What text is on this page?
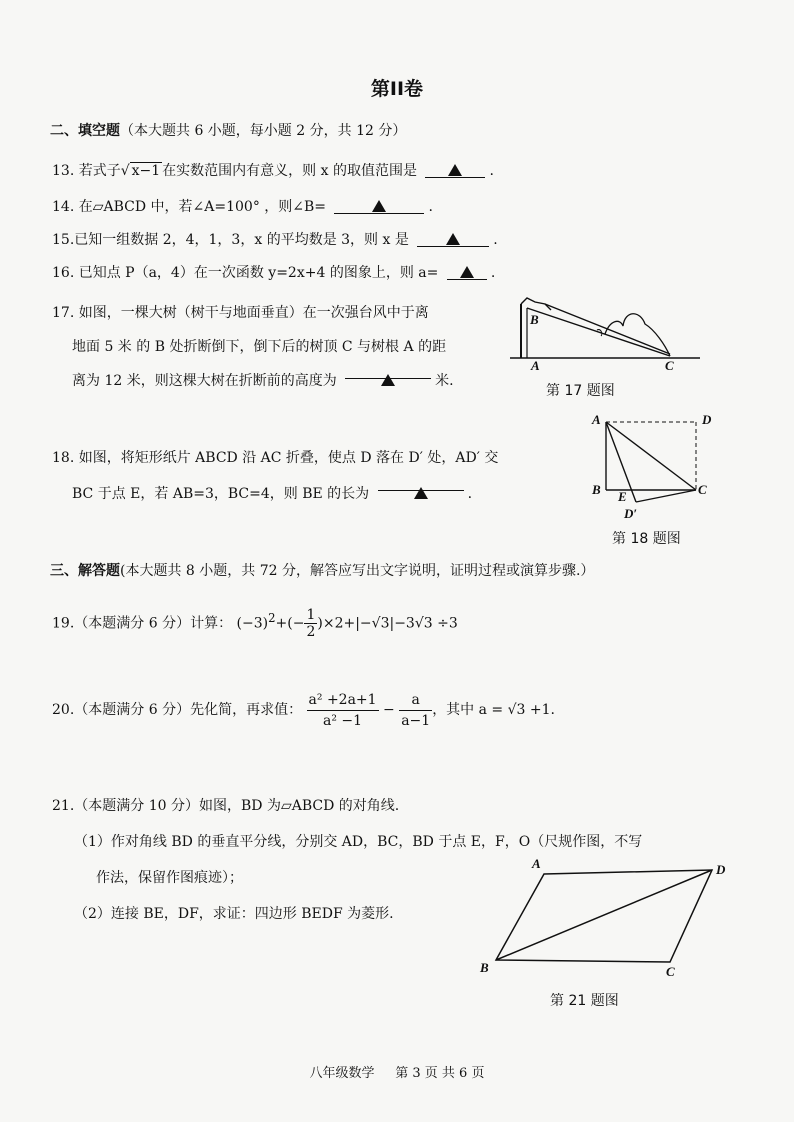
第II卷
二、填空题（本大题共 6 小题，每小题 2 分，共 12 分）
13. 若式子√ x−1 在实数范围内有意义，则 x 的取值范围是	.
14. 在▱ABCD 中，若∠A=100° ，则∠B=	.
15.已知一组数据 2，4，1，3，x 的平均数是 3，则 x 是	.
16. 已知点 P（a，4）在一次函数 y=2x+4 的图象上，则 a=	.
17. 如图，一棵大树（树干与地面垂直）在一次强台风中于离
地面 5 米 的 B 处折断倒下，倒下后的树顶 C 与树根 A 的距
离为 12 米，则这棵大树在折断前的高度为	米.
B
A	C
第 17 题图
18. 如图，将矩形纸片 ABCD 沿 AC 折叠，使点 D 落在 D′ 处，AD′ 交
BC 于点 E，若 AB=3，BC=4，则 BE 的长为	.
A	D
B E	C
D′
第 18 题图
三、解答题(本大题共 8 小题，共 72 分，解答应写出文字说明，证明过程或演算步骤.）
19.（本题满分 6 分）计算： $(-3)^2+(- \frac{1}{2} )\times 2+|-√3|-3√3 \div 3$
20.（本题满分 6 分）先化简，再求值： $\frac{\text{a² +2a+1}}{\text{a² −1}} - \frac{a}{a-1}$ ，其中 a = √3 +1.
21.（本题满分 10 分）如图，BD 为▱ABCD 的对角线.
（1）作对角线 BD 的垂直平分线，分别交 AD，BC，BD 于点 E，F，O（尺规作图，不写
作法，保留作图痕迹）；
（2）连接 BE，DF，求证：四边形 BEDF 为菱形.
A	D
B	C
第 21 题图
八年级数学 第 3 页 共 6 页
